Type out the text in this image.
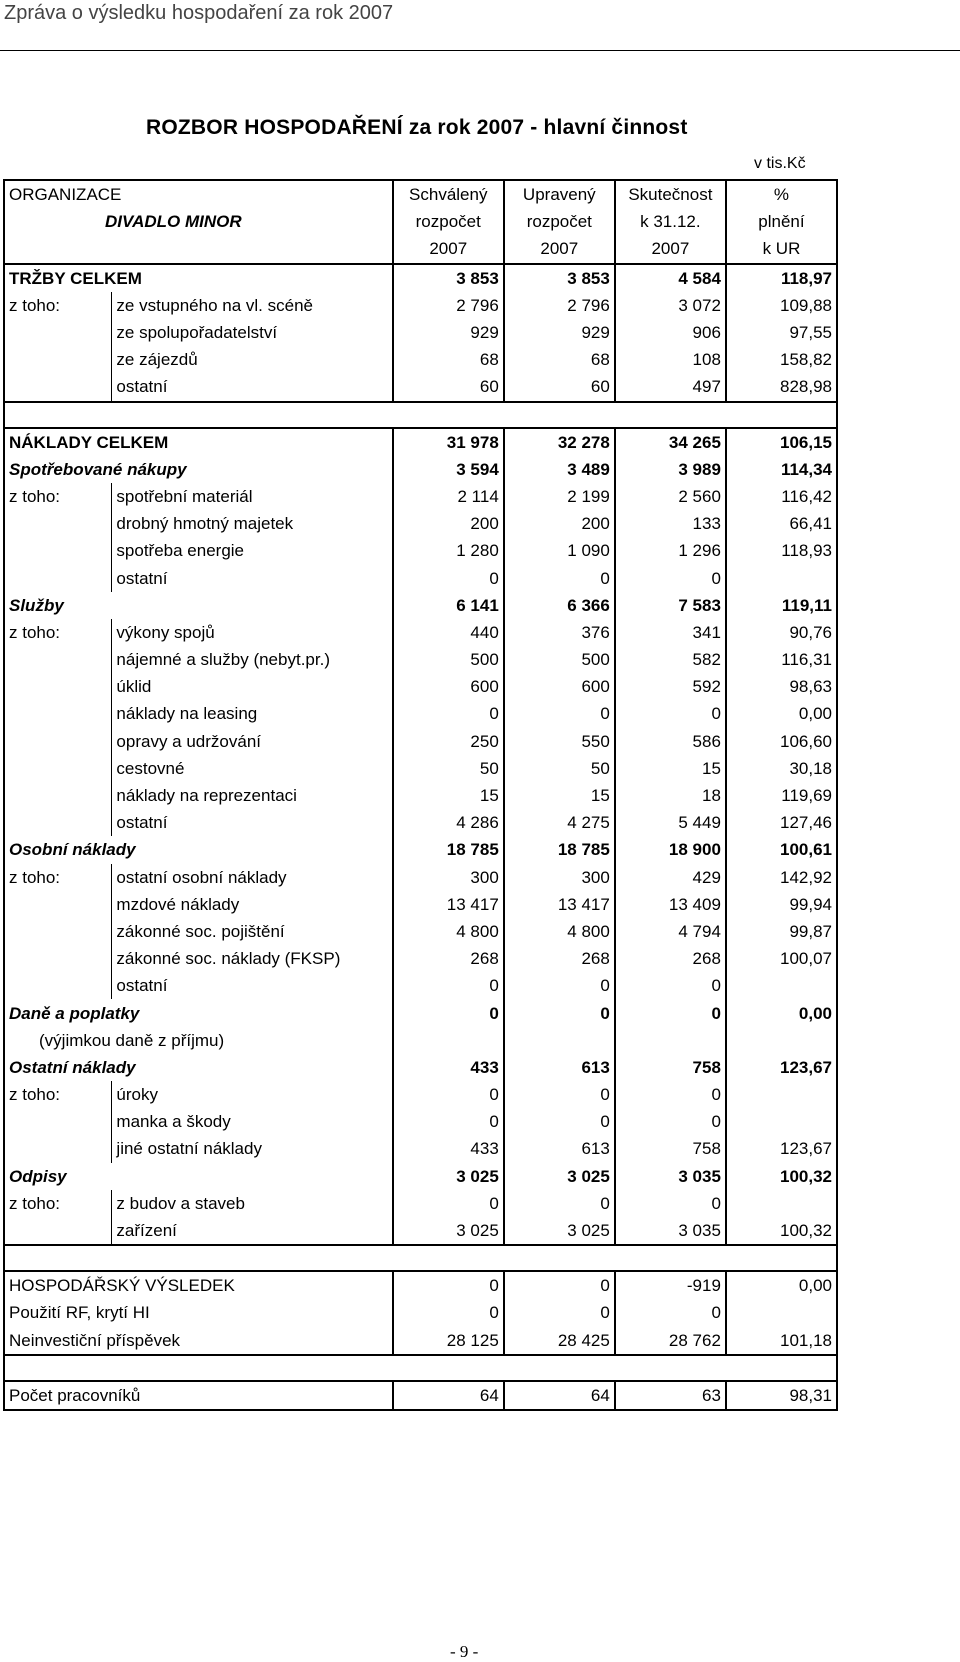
Zpráva o výsledku hospodaření za rok 2007
ROZBOR HOSPODAŘENÍ za rok 2007 - hlavní činnost
v tis.Kč
ORGANIZACE		Schválený	Upravený	Skutečnost	%
DIVADLO MINOR		rozpočet	rozpočet	k 31.12.	plnění
		2007	2007	2007	k UR
TRŽBY CELKEM		3 853	3 853	4 584	118,97
z toho:	ze vstupného na vl. scéně	2 796	2 796	3 072	109,88
	ze spolupořadatelství	929	929	906	97,55
	ze zájezdů	68	68	108	158,82
	ostatní	60	60	497	828,98

NÁKLADY CELKEM		31 978	32 278	34 265	106,15
Spotřebované nákupy		3 594	3 489	3 989	114,34
z toho:	spotřební materiál	2 114	2 199	2 560	116,42
	drobný hmotný majetek	200	200	133	66,41
	spotřeba energie	1 280	1 090	1 296	118,93
	ostatní	0	0	0	
Služby		6 141	6 366	7 583	119,11
z toho:	výkony spojů	440	376	341	90,76
	nájemné a služby (nebyt.pr.)	500	500	582	116,31
	úklid	600	600	592	98,63
	náklady na leasing	0	0	0	0,00
	opravy a udržování	250	550	586	106,60
	cestovné	50	50	15	30,18
	náklady na reprezentaci	15	15	18	119,69
	ostatní	4 286	4 275	5 449	127,46
Osobní náklady		18 785	18 785	18 900	100,61
z toho:	ostatní osobní náklady	300	300	429	142,92
	mzdové náklady	13 417	13 417	13 409	99,94
	zákonné soc. pojištění	4 800	4 800	4 794	99,87
	zákonné soc. náklady (FKSP)	268	268	268	100,07
	ostatní	0	0	0	
Daně a poplatky		0	0	0	0,00
(výjimkou daně z příjmu)					
Ostatní náklady		433	613	758	123,67
z toho:	úroky	0	0	0	
	manka a škody	0	0	0	
	jiné ostatní náklady	433	613	758	123,67
Odpisy		3 025	3 025	3 035	100,32
z toho:	z budov a staveb	0	0	0	
	zařízení	3 025	3 025	3 035	100,32

HOSPODÁŘSKÝ VÝSLEDEK		0	0	-919	0,00
Použití RF, krytí HI		0	0	0	
Neinvestiční příspěvek		28 125	28 425	28 762	101,18

Počet pracovníků		64	64	63	98,31
- 9 -
